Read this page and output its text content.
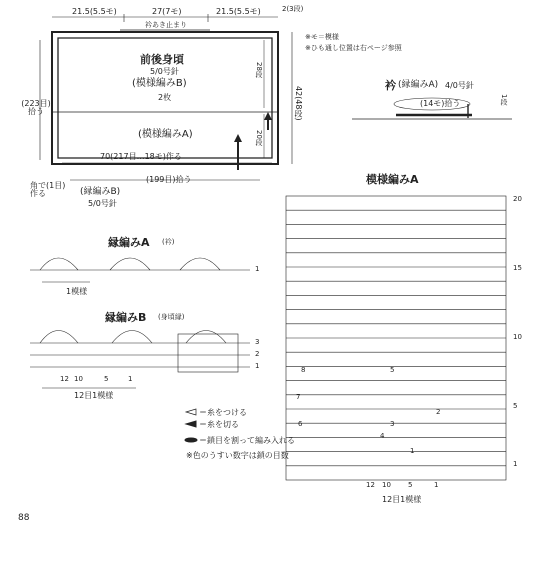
21.5(5.5モ)	27(7モ)	21.5(5.5モ)
衿あき止まり
2(3段)
※モ＝模様
※ひも通し位置は右ページ参照
前後身頃
5/0号針
(模様編みB)
2枚
(模様編みA)
28段
20段
42(48段)
(223目)拾う
70(217目…18モ)作る
(199目)拾う
角で(1目)作る	(縁編みB)
5/0号針
衿 (縁編みA) 4/0号針
(14モ)拾う	1段
模様編みA
20
15
10
5
1
12 10 5	1
12目1模様
8	5
7
6
4
3
2
1
縁編みA (衿)
1
1模様
縁編みB (身頃縁)
3
2
1
12 10	5	1
12目1模様
＝糸をつける
＝糸を切る
＝鎖目を割って編み入れる
※色のうすい数字は鎖の目数
88
